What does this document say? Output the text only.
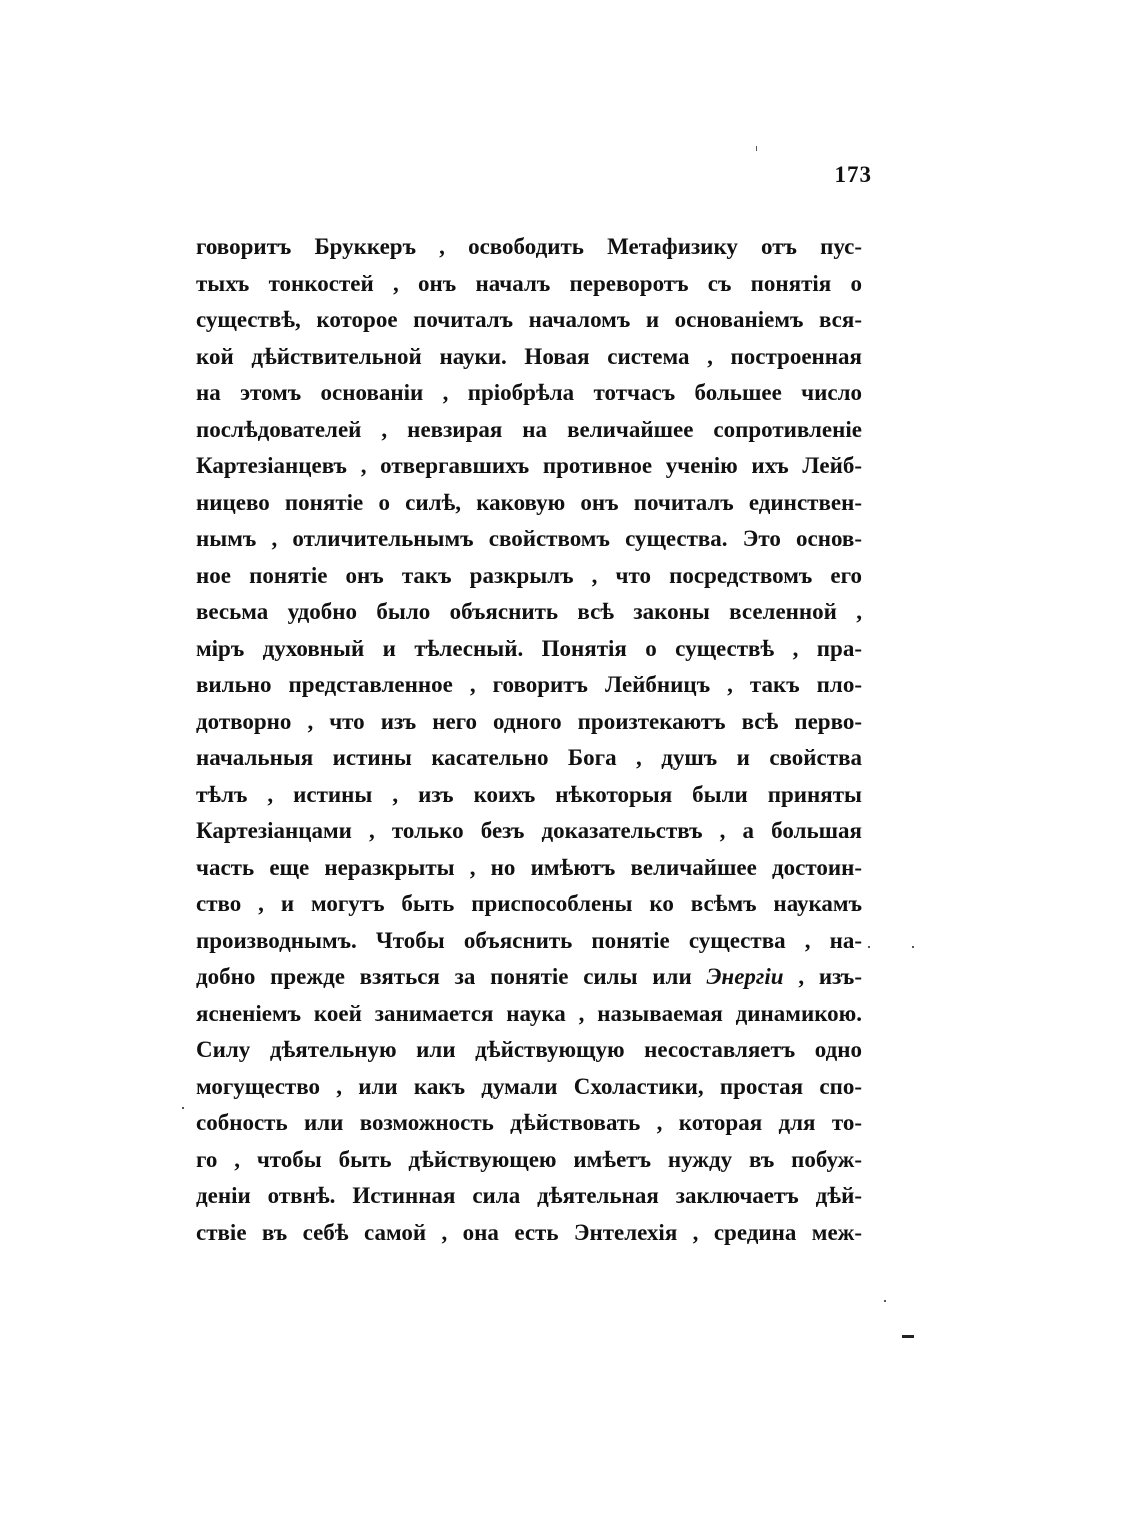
173
говоритъ Бруккеръ , освободить Метафизику отъ пус-
тыхъ тонкостей , онъ началъ переворотъ съ понятія о
существѣ, которое почиталъ началомъ и основаніемъ вся-
кой дѣйствительной науки. Новая система , построенная
на этомъ основаніи , пріобрѣла тотчасъ большее число
послѣдователей , невзирая на величайшее сопротивленіе
Картезіанцевъ , отвергавшихъ противное ученію ихъ Лейб-
ницево понятіе о силѣ, каковую онъ почиталъ единствен-
нымъ , отличительнымъ свойствомъ существа. Это основ-
ное понятіе онъ такъ разкрылъ , что посредствомъ его
весьма удобно было объяснить всѣ законы вселенной ,
міръ духовный и тѣлесный. Понятія о существѣ , пра-
вильно представленное , говоритъ Лейбницъ , такъ пло-
дотворно , что изъ него одного произтекаютъ всѣ перво-
начальныя истины касательно Бога , душъ и свойства
тѣлъ , истины , изъ коихъ нѣкоторыя были приняты
Картезіанцами , только безъ доказательствъ , а большая
часть еще неразкрыты , но имѣютъ величайшее достоин-
ство , и могутъ быть приспособлены ко всѣмъ наукамъ
производнымъ. Чтобы объяснить понятіе существа , на-
добно прежде взяться за понятіе силы или Энергіи , изъ-
ясненіемъ коей занимается наука , называемая динамикою.
Силу дѣятельную или дѣйствующую несоставляетъ одно
могущество , или какъ думали Схоластики, простая спо-
собность или возможность дѣйствовать , которая для то-
го , чтобы быть дѣйствующею имѣетъ нужду въ побуж-
деніи отвнѣ. Истинная сила дѣятельная заключаетъ дѣй-
ствіе въ себѣ самой , она есть Энтелехія , средина меж-
